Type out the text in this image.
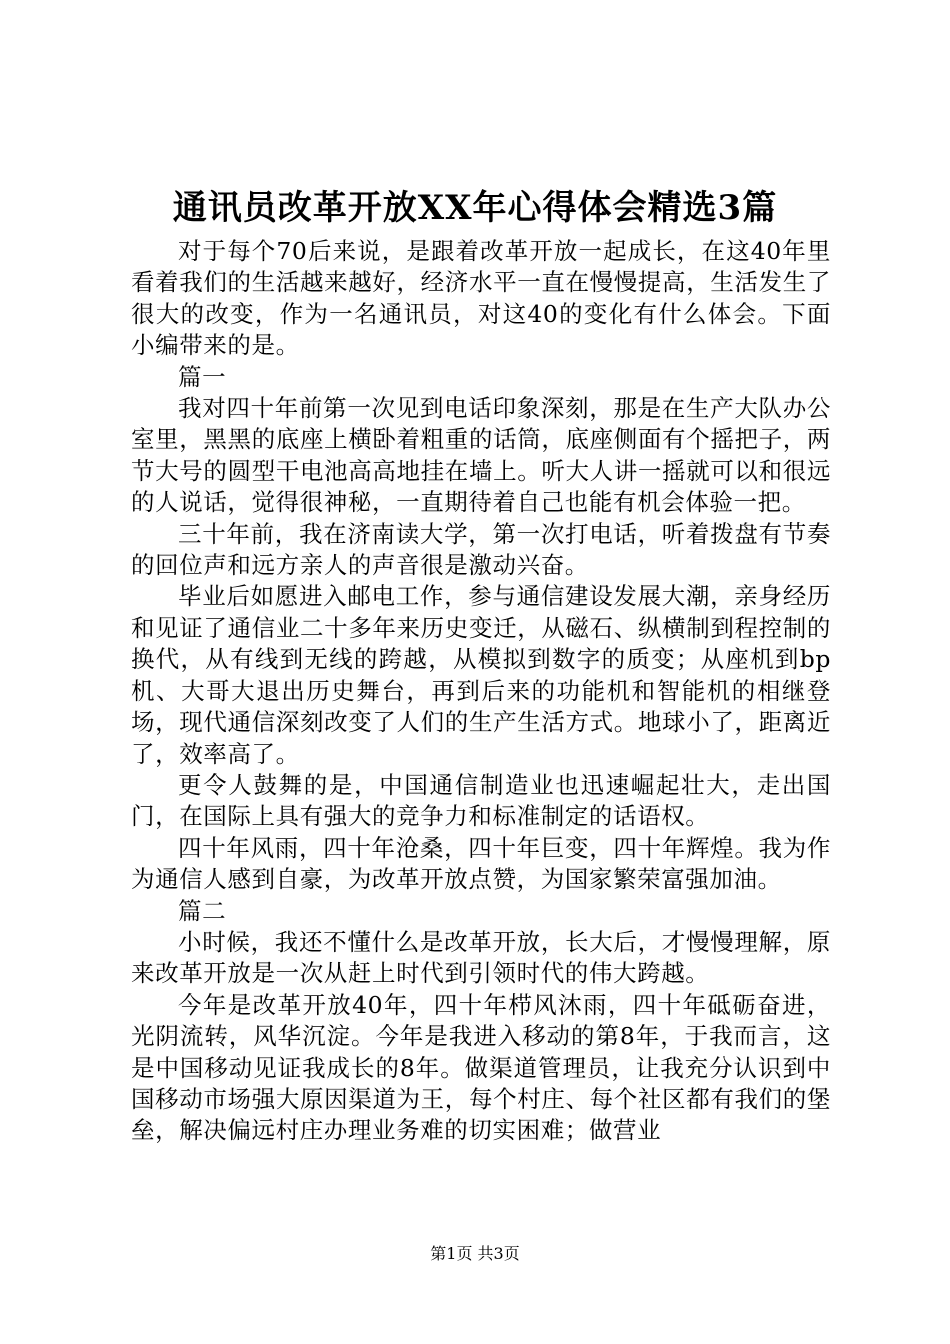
通讯员改革开放XX年心得体会精选3篇

对于每个70后来说，是跟着改革开放一起成长，在这40年里看着我们的生活越来越好，经济水平一直在慢慢提高，生活发生了很大的改变，作为一名通讯员，对这40的变化有什么体会。下面小编带来的是。

篇一

我对四十年前第一次见到电话印象深刻，那是在生产大队办公室里，黑黑的底座上横卧着粗重的话筒，底座侧面有个摇把子，两节大号的圆型干电池高高地挂在墙上。听大人讲一摇就可以和很远的人说话，觉得很神秘，一直期待着自己也能有机会体验一把。

三十年前，我在济南读大学，第一次打电话，听着拨盘有节奏的回位声和远方亲人的声音很是激动兴奋。

毕业后如愿进入邮电工作，参与通信建设发展大潮，亲身经历和见证了通信业二十多年来历史变迁，从磁石、纵横制到程控制的换代，从有线到无线的跨越，从模拟到数字的质变；从座机到bp机、大哥大退出历史舞台，再到后来的功能机和智能机的相继登场，现代通信深刻改变了人们的生产生活方式。地球小了，距离近了，效率高了。

更令人鼓舞的是，中国通信制造业也迅速崛起壮大，走出国门，在国际上具有强大的竞争力和标准制定的话语权。

四十年风雨，四十年沧桑，四十年巨变，四十年辉煌。我为作为通信人感到自豪，为改革开放点赞，为国家繁荣富强加油。

篇二

小时候，我还不懂什么是改革开放，长大后，才慢慢理解，原来改革开放是一次从赶上时代到引领时代的伟大跨越。

今年是改革开放40年，四十年栉风沐雨，四十年砥砺奋进，光阴流转，风华沉淀。今年是我进入移动的第8年，于我而言，这是中国移动见证我成长的8年。做渠道管理员，让我充分认识到中国移动市场强大原因渠道为王，每个村庄、每个社区都有我们的堡垒，解决偏远村庄办理业务难的切实困难；做营业

第1页 共3页
